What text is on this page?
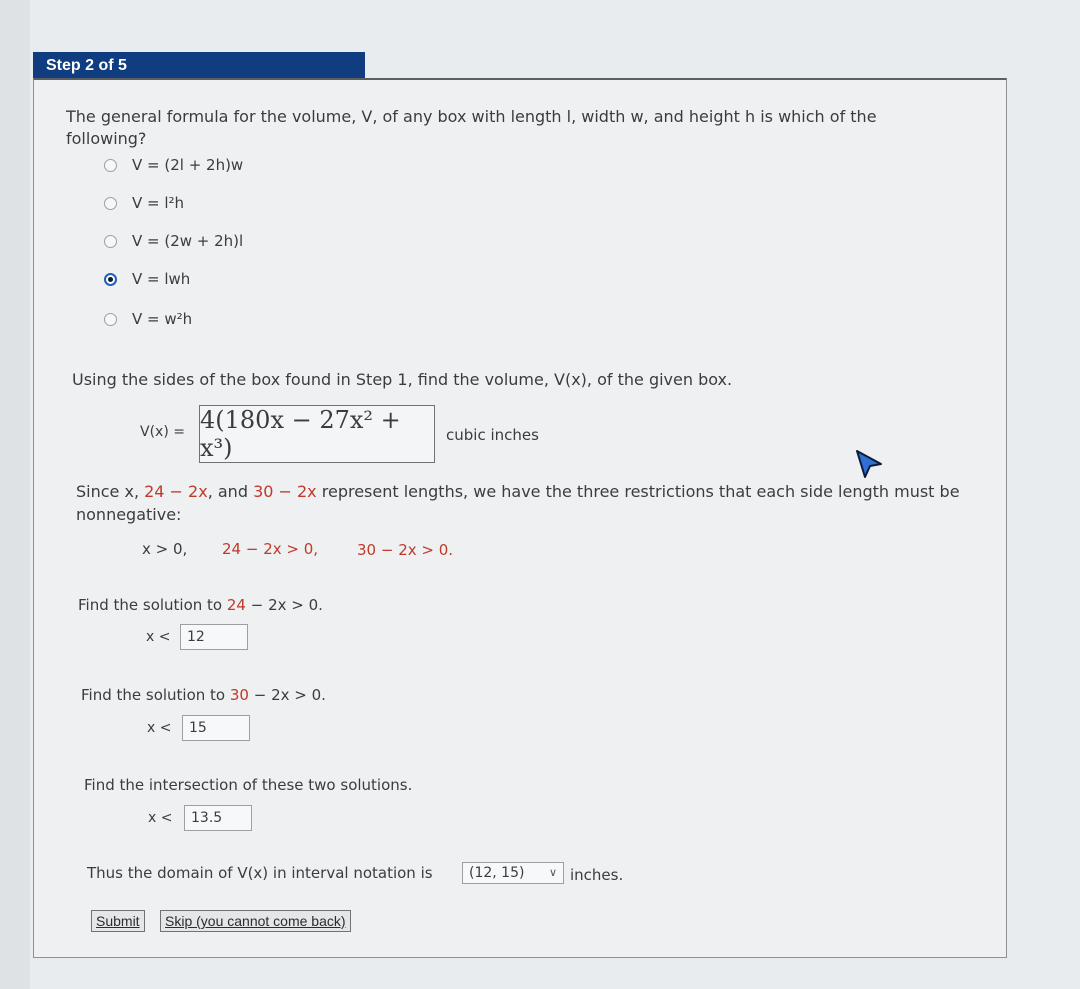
Step 2 of 5
The general formula for the volume, V, of any box with length l, width w, and height h is which of the following?
V = (2l + 2h)w
V = l²h
V = (2w + 2h)l
V = lwh
V = w²h
Using the sides of the box found in Step 1, find the volume, V(x), of the given box.
V(x) = 4(180x − 27x² + x³)	cubic inches
Since x, 24 − 2x, and 30 − 2x represent lengths, we have the three restrictions that each side length must be nonnegative:
x > 0, 24 − 2x > 0,	30 − 2x > 0.
Find the solution to 24 − 2x > 0.
x <	12
Find the solution to 30 − 2x > 0.
x <	15
Find the intersection of these two solutions.
x <	13.5
Thus the domain of V(x) in interval notation is	(12, 15) ∨ inches.
Submit	Skip (you cannot come back)
